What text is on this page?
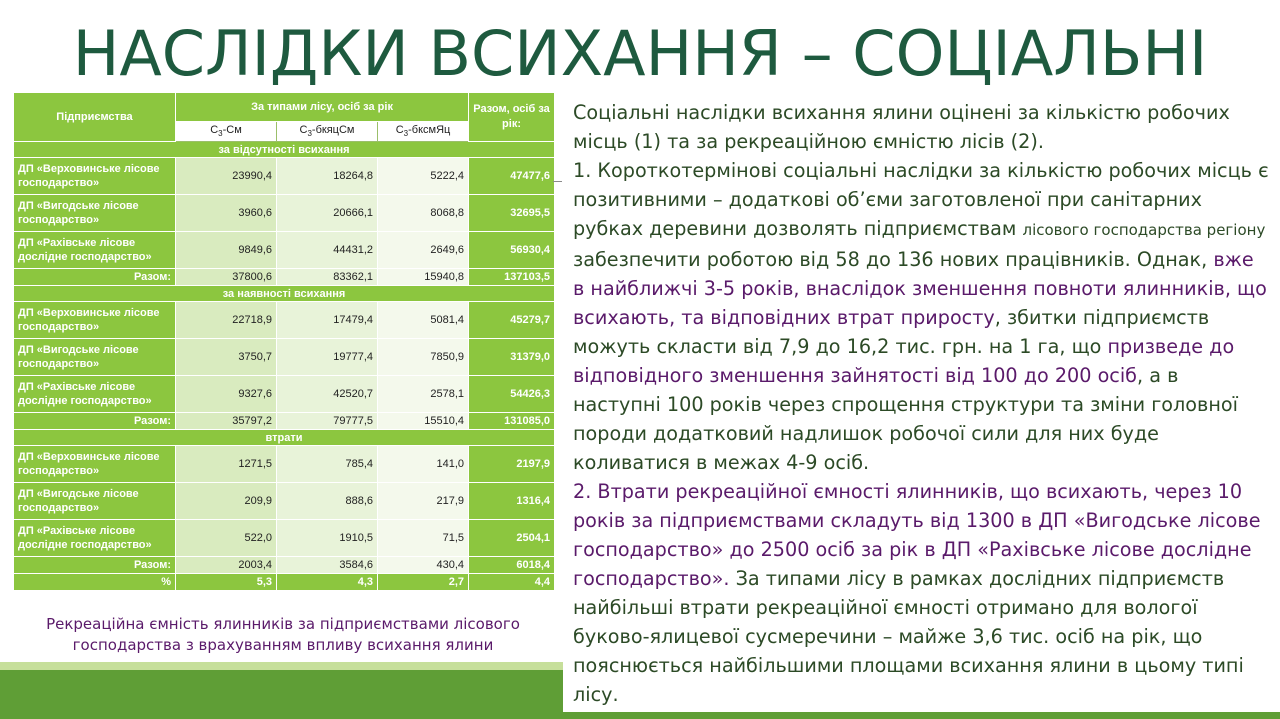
НАСЛІДКИ ВСИХАННЯ – СОЦІАЛЬНІ
Підприємства	За типами лісу, осіб за рік			Разом, осіб за рік:
	$С_3-См$	$С_3$-бкяцСм	$С_3$-бксмЯц	
за відсутності всихання				
ДП «Верховинське лісове господарство»	23990,4	18264,8	5222,4	47477,6
ДП «Вигодське лісове господарство»	3960,6	20666,1	8068,8	32695,5
ДП «Рахівське лісове дослідне господарство»	9849,6	44431,2	2649,6	56930,4
Разом:	37800,6	83362,1	15940,8	137103,5
за наявності всихання				
ДП «Верховинське лісове господарство»	22718,9	17479,4	5081,4	45279,7
ДП «Вигодське лісове господарство»	3750,7	19777,4	7850,9	31379,0
ДП «Рахівське лісове дослідне господарство»	9327,6	42520,7	2578,1	54426,3
Разом:	35797,2	79777,5	15510,4	131085,0
втрати				
ДП «Верховинське лісове господарство»	1271,5	785,4	141,0	2197,9
ДП «Вигодське лісове господарство»	209,9	888,6	217,9	1316,4
ДП «Рахівське лісове дослідне господарство»	522,0	1910,5	71,5	2504,1
Разом:	2003,4	3584,6	430,4	6018,4
%	5,3	4,3	2,7	4,4
Рекреаційна ємність ялинників за підприємствами лісового господарства з врахуванням впливу всихання ялини

Соціальні наслідки всихання ялини оцінені за кількістю робочих місць (1) та за рекреаційною ємністю лісів (2).

1. Короткотермінові соціальні наслідки за кількістю робочих місць є позитивними – додаткові об’єми заготовленої при санітарних рубках деревини дозволять підприємствам лісового господарства регіону забезпечити роботою від 58 до 136 нових працівників. Однак, вже в найближчі 3-5 років, внаслідок зменшення повноти ялинників, що всихають, та відповідних втрат приросту, збитки підприємств можуть скласти від 7,9 до 16,2 тис. грн. на 1 га, що призведе до відповідного зменшення зайнятості від 100 до 200 осіб, а в наступні 100 років через спрощення структури та зміни головної породи додатковий надлишок робочої сили для них буде коливатися в межах 4-9 осіб.

2. Втрати рекреаційної ємності ялинників, що всихають, через 10 років за підприємствами складуть від 1300 в ДП «Вигодське лісове господарство» до 2500 осіб за рік в ДП «Рахівське лісове дослідне господарство». За типами лісу в рамках дослідних підприємств найбільші втрати рекреаційної ємності отримано для вологої буково-ялицевої сусмеречини – майже 3,6 тис. осіб на рік, що пояснюється найбільшими площами всихання ялини в цьому типі лісу.
